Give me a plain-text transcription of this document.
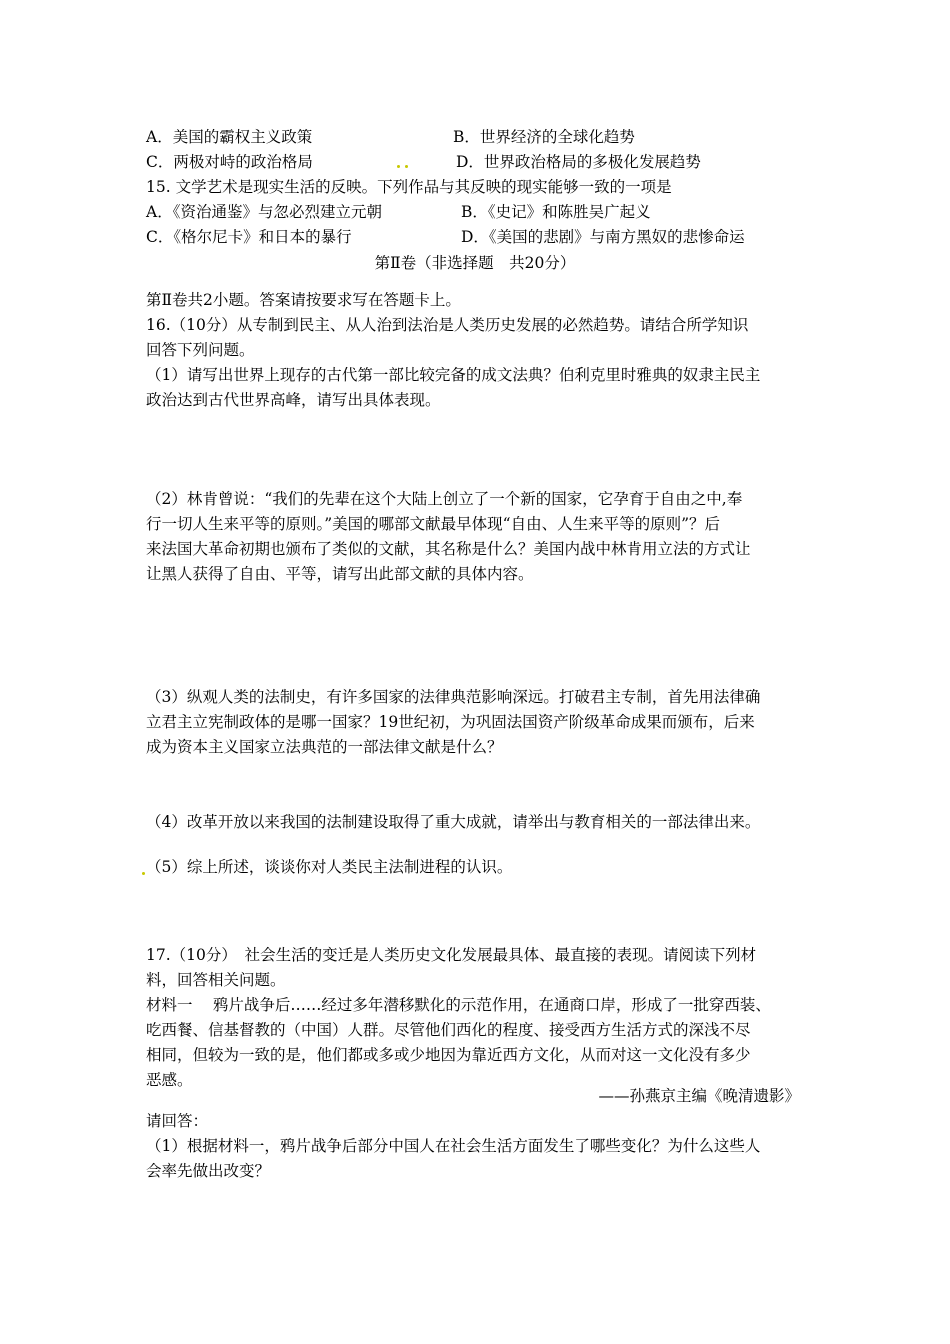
A．美国的霸权主义政策	B．世界经济的全球化趋势
C．两极对峙的政治格局	D．世界政治格局的多极化发展趋势
15. 文学艺术是现实生活的反映。下列作品与其反映的现实能够一致的一项是
A．《资治通鉴》与忽必烈建立元朝	B．《史记》和陈胜吴广起义
C．《格尔尼卡》和日本的暴行	D．《美国的悲剧》与南方黑奴的悲惨命运
第Ⅱ卷（非选择题　共20分）
第Ⅱ卷共2小题。答案请按要求写在答题卡上。
16.（10分）从专制到民主、从人治到法治是人类历史发展的必然趋势。请结合所学知识
回答下列问题。
（1）请写出世界上现存的古代第一部比较完备的成文法典？伯利克里时雅典的奴隶主民主
政治达到古代世界高峰，请写出具体表现。
（2）林肯曾说：“我们的先辈在这个大陆上创立了一个新的国家，它孕育于自由之中,奉
行一切人生来平等的原则。”美国的哪部文献最早体现“自由、人生来平等的原则”？后
来法国大革命初期也颁布了类似的文献，其名称是什么？美国内战中林肯用立法的方式让
让黑人获得了自由、平等，请写出此部文献的具体内容。
（3）纵观人类的法制史，有许多国家的法律典范影响深远。打破君主专制，首先用法律确
立君主立宪制政体的是哪一国家？19世纪初，为巩固法国资产阶级革命成果而颁布，后来
成为资本主义国家立法典范的一部法律文献是什么？
（4）改革开放以来我国的法制建设取得了重大成就，请举出与教育相关的一部法律出来。
（5）综上所述，谈谈你对人类民主法制进程的认识。
17.（10分）　社会生活的变迁是人类历史文化发展最具体、最直接的表现。请阅读下列材
料，回答相关问题。
材料一　 鸦片战争后……经过多年潜移默化的示范作用，在通商口岸，形成了一批穿西装、
吃西餐、信基督教的（中国）人群。尽管他们西化的程度、接受西方生活方式的深浅不尽
相同，但较为一致的是，他们都或多或少地因为靠近西方文化，从而对这一文化没有多少
恶感。
——孙燕京主编《晚清遗影》
请回答：
（1）根据材料一，鸦片战争后部分中国人在社会生活方面发生了哪些变化？为什么这些人
会率先做出改变？
